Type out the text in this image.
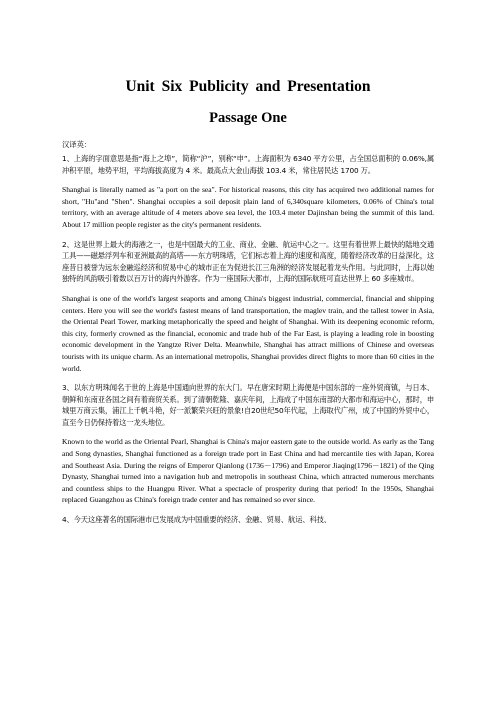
Unit Six Publicity and Presentation
Passage One

汉译英：

1、上海的字面意思是指“海上之埠”，简称“沪”，别称“申”。上海面积为 6340 平方公里，占全国总面积的 0.06%,属冲积平原，地势平坦，平均海拔高度为 4 米。最高点大金山海拔 103.4 米，常住居民达 1700 万。

Shanghai is literally named as "a port on the sea". For historical reasons, this city has acquired two additional names for short, "Hu"and "Shen". Shanghai occupies a soil deposit plain land of 6,340square kilometers, 0.06% of China's total territory, with an average altitude of 4 meters above sea level, the 103.4 meter Dajinshan being the summit of this land. About 17 million people register as the city's permanent residents.

2、这是世界上最大的海港之一，也是中国最大的工业、商业、金融、航运中心之一。这里有着世界上最快的陆地交通工具——磁悬浮列车和亚洲最高的高塔——东方明珠塔，它们标志着上海的速度和高度，随着经济改革的日益深化，这座昔日被誉为远东金融巡经济和贸易中心的城市正在为促进长江三角洲的经济发展起着龙头作用。与此同时，上海以她独特的风韵吸引着数以百万计的海内外游客。作为一座国际大都市，上海的国际航班可直达世界上 60 多座城市。

Shanghai is one of the world's largest seaports and among China's biggest industrial, commercial, financial and shipping centers. Here you will see the world's fastest means of land transportation, the maglev train, and the tallest tower in Asia, the Oriental Pearl Tower, marking metaphorically the speed and height of Shanghai. With its deepening economic reform, this city, formerly crowned as the financial, economic and trade hub of the Far East, is playing a leading role in boosting economic development in the Yangtze River Delta. Meanwhile, Shanghai has attract millions of Chinese and overseas tourists with its unique charm. As an international metropolis, Shanghai provides direct flights to more than 60 cities in the world.

3、以东方明珠闻名于世的上海是中国通向世界的东大门。早在唐宋时期上海便是中国东部的一座外贸商镇，与日本、朝鲜和东南亚各国之间有着商贸关系。到了清朝乾隆、嘉庆年间，上海成了中国东南部的大都市和海运中心，那时，申城里万商云集，浦江上千帆斗艳，好一派繁荣兴旺的景象!自20世纪50年代起，上海取代广州，成了中国的外贸中心，直至今日仍保持着这一龙头地位。

Known to the world as the Oriental Pearl, Shanghai is China's major eastern gate to the outside world. As early as the Tang and Song dynasties, Shanghai functioned as a foreign trade port in East China and had mercantile ties with Japan, Korea and Southeast Asia. During the reigns of Emperor Qianlong (1736－1796) and Emperor Jiaqing(1796－1821) of the Qing Dynasty, Shanghai turned into a navigation hub and metropolis in southeast China, which attracted numerous merchants and countless ships to the Huangpu River. What a spectacle of prosperity during that period! In the 1950s, Shanghai replaced Guangzhou as China's foreign trade center and has remained so ever since.

4、今天这座著名的国际港市已发展成为中国重要的经济、金融、贸易、航运、科技、
